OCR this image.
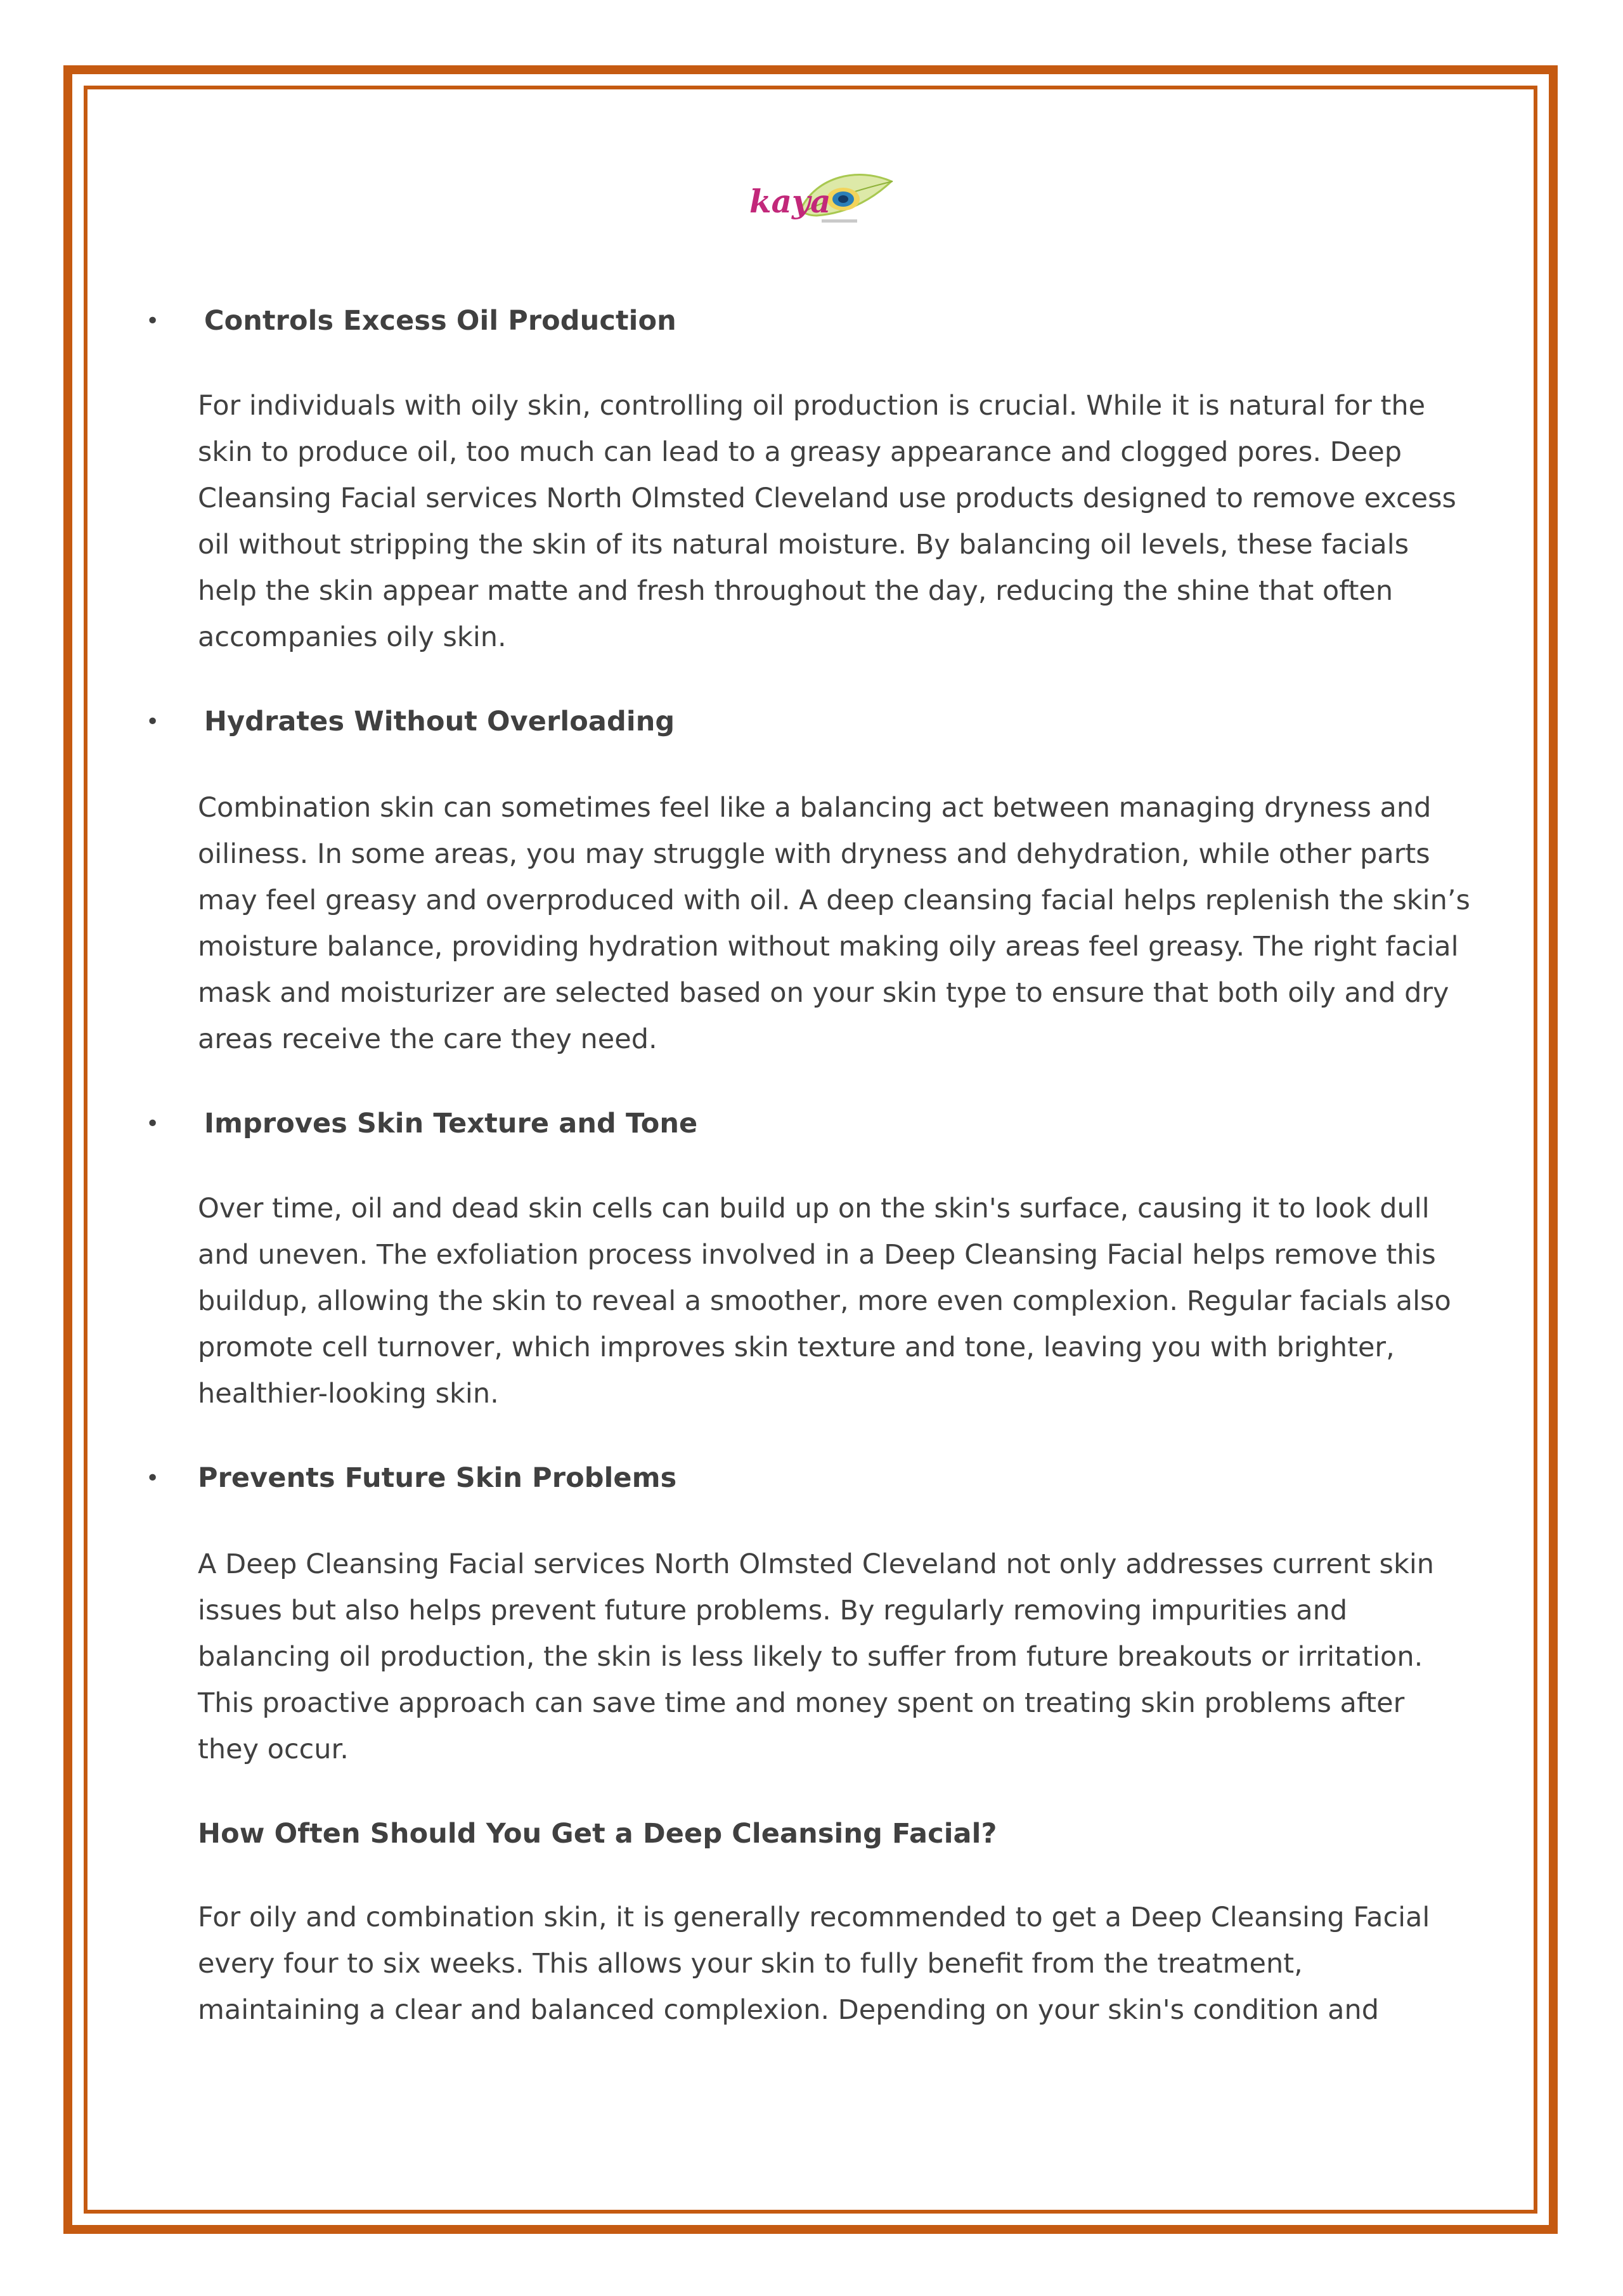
kaya
•	Controls Excess Oil Production
For individuals with oily skin, controlling oil production is crucial. While it is natural for the
skin to produce oil, too much can lead to a greasy appearance and clogged pores. Deep
Cleansing Facial services North Olmsted Cleveland use products designed to remove excess
oil without stripping the skin of its natural moisture. By balancing oil levels, these facials
help the skin appear matte and fresh throughout the day, reducing the shine that often
accompanies oily skin.
•	Hydrates Without Overloading
Combination skin can sometimes feel like a balancing act between managing dryness and
oiliness. In some areas, you may struggle with dryness and dehydration, while other parts
may feel greasy and overproduced with oil. A deep cleansing facial helps replenish the skin’s
moisture balance, providing hydration without making oily areas feel greasy. The right facial
mask and moisturizer are selected based on your skin type to ensure that both oily and dry
areas receive the care they need.
•	Improves Skin Texture and Tone
Over time, oil and dead skin cells can build up on the skin's surface, causing it to look dull
and uneven. The exfoliation process involved in a Deep Cleansing Facial helps remove this
buildup, allowing the skin to reveal a smoother, more even complexion. Regular facials also
promote cell turnover, which improves skin texture and tone, leaving you with brighter,
healthier-looking skin.
•	Prevents Future Skin Problems
A Deep Cleansing Facial services North Olmsted Cleveland not only addresses current skin
issues but also helps prevent future problems. By regularly removing impurities and
balancing oil production, the skin is less likely to suffer from future breakouts or irritation.
This proactive approach can save time and money spent on treating skin problems after
they occur.
How Often Should You Get a Deep Cleansing Facial?
For oily and combination skin, it is generally recommended to get a Deep Cleansing Facial
every four to six weeks. This allows your skin to fully benefit from the treatment,
maintaining a clear and balanced complexion. Depending on your skin's condition and
